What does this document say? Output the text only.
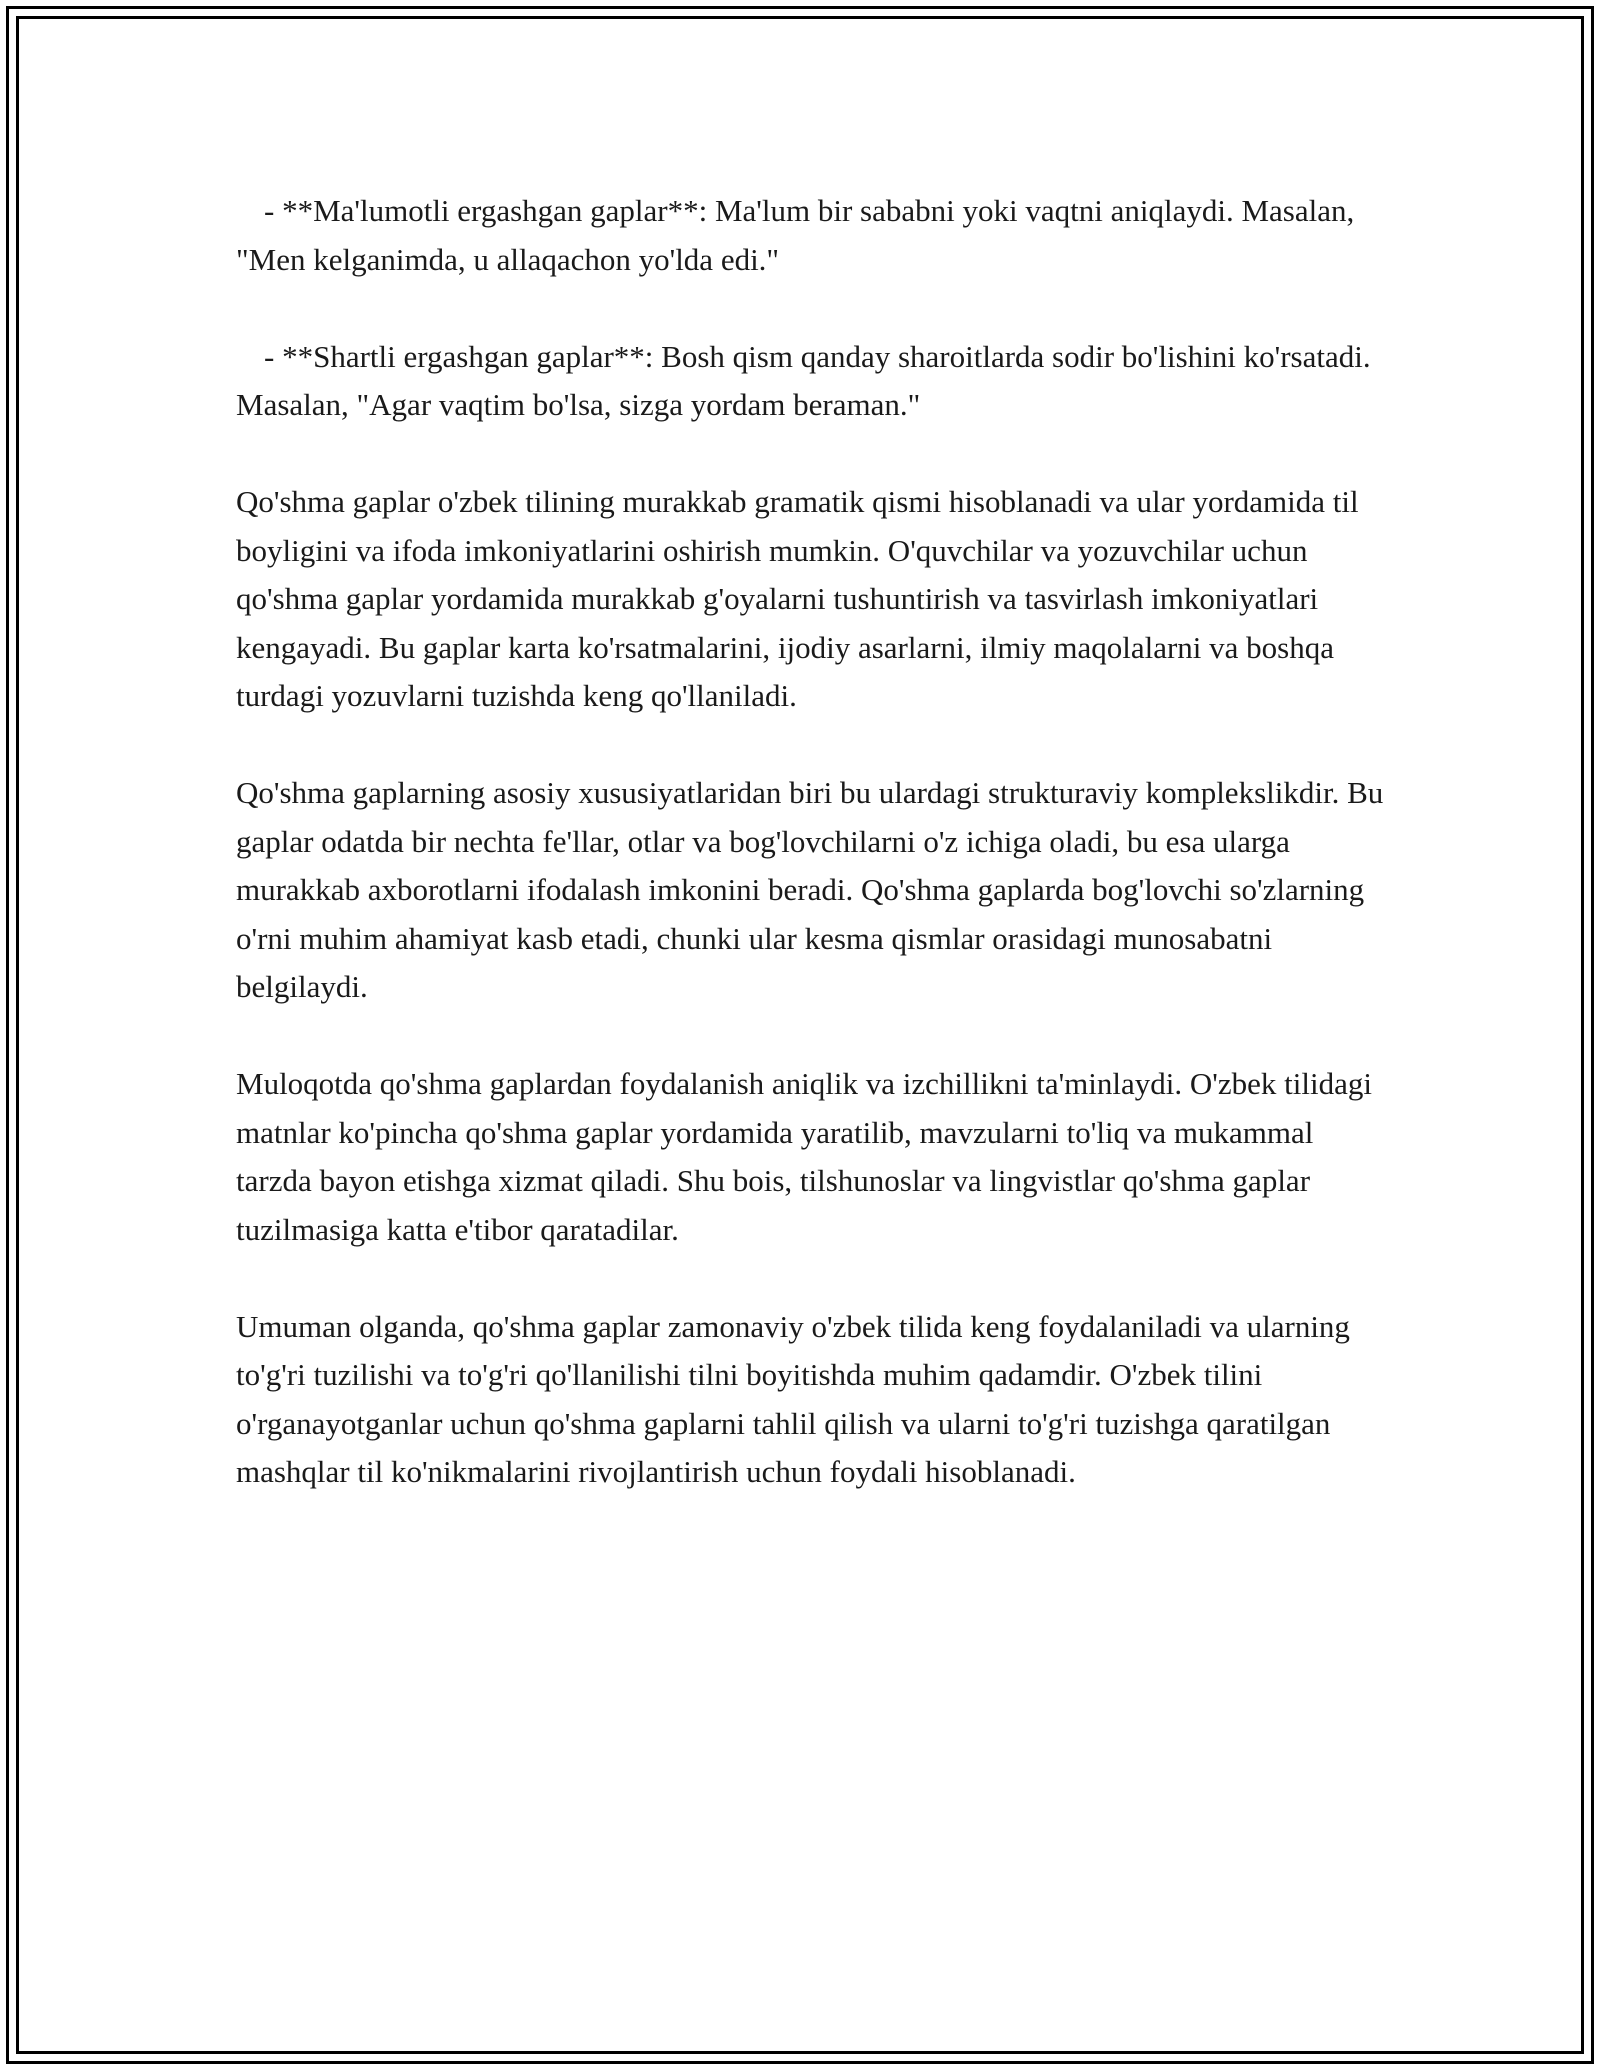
- **Ma'lumotli ergashgan gaplar**: Ma'lum bir sababni yoki vaqtni aniqlaydi. Masalan, "Men kelganimda, u allaqachon yo'lda edi."

- **Shartli ergashgan gaplar**: Bosh qism qanday sharoitlarda sodir bo'lishini ko'rsatadi. Masalan, "Agar vaqtim bo'lsa, sizga yordam beraman."

Qo'shma gaplar o'zbek tilining murakkab gramatik qismi hisoblanadi va ular yordamida til boyligini va ifoda imkoniyatlarini oshirish mumkin. O'quvchilar va yozuvchilar uchun qo'shma gaplar yordamida murakkab g'oyalarni tushuntirish va tasvirlash imkoniyatlari kengayadi. Bu gaplar karta ko'rsatmalarini, ijodiy asarlarni, ilmiy maqolalarni va boshqa turdagi yozuvlarni tuzishda keng qo'llaniladi.

Qo'shma gaplarning asosiy xususiyatlaridan biri bu ulardagi strukturaviy komplekslikdir. Bu gaplar odatda bir nechta fe'llar, otlar va bog'lovchilarni o'z ichiga oladi, bu esa ularga murakkab axborotlarni ifodalash imkonini beradi. Qo'shma gaplarda bog'lovchi so'zlarning o'rni muhim ahamiyat kasb etadi, chunki ular kesma qismlar orasidagi munosabatni belgilaydi.

Muloqotda qo'shma gaplardan foydalanish aniqlik va izchillikni ta'minlaydi. O'zbek tilidagi matnlar ko'pincha qo'shma gaplar yordamida yaratilib, mavzularni to'liq va mukammal tarzda bayon etishga xizmat qiladi. Shu bois, tilshunoslar va lingvistlar qo'shma gaplar tuzilmasiga katta e'tibor qaratadilar.

Umuman olganda, qo'shma gaplar zamonaviy o'zbek tilida keng foydalaniladi va ularning to'g'ri tuzilishi va to'g'ri qo'llanilishi tilni boyitishda muhim qadamdir. O'zbek tilini o'rganayotganlar uchun qo'shma gaplarni tahlil qilish va ularni to'g'ri tuzishga qaratilgan mashqlar til ko'nikmalarini rivojlantirish uchun foydali hisoblanadi.
